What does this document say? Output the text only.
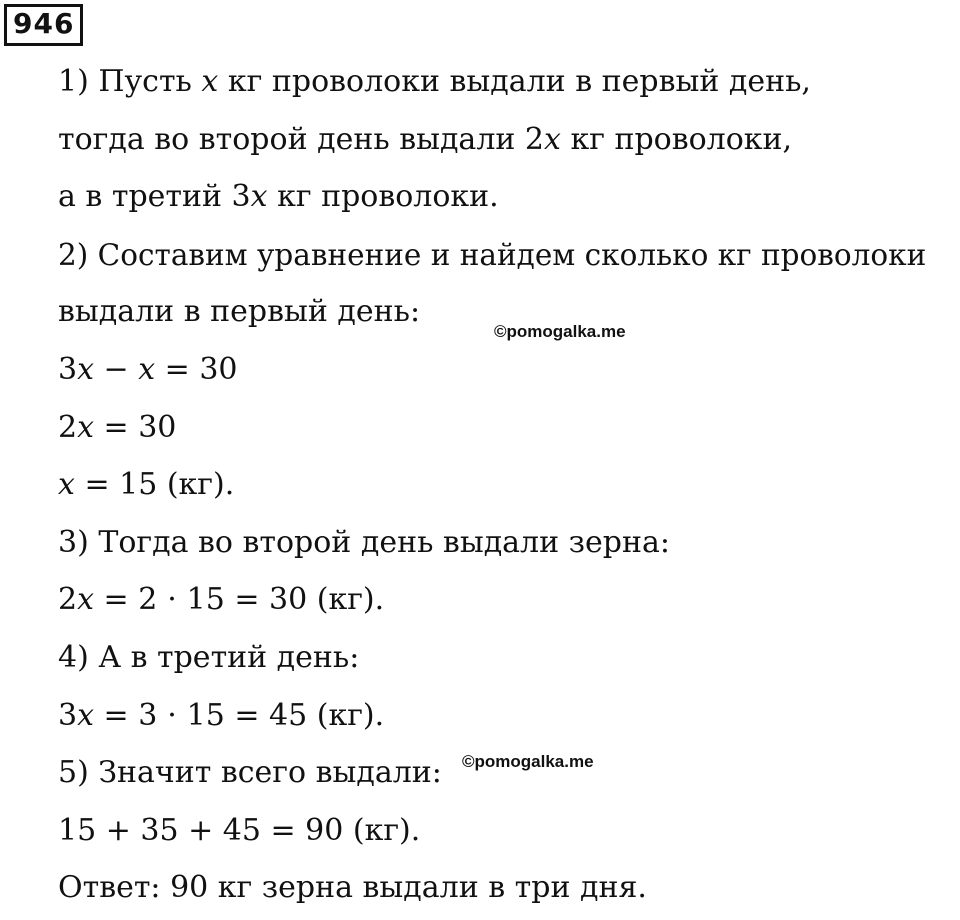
946
1) Пусть 𝑥 кг проволоки выдали в первый день,
тогда во второй день выдали 2𝑥 кг проволоки,
а в третий 3𝑥 кг проволоки.
2) Составим уравнение и найдем сколько кг проволоки
выдали в первый день:
3𝑥 − 𝑥 = 30
2𝑥 = 30
𝑥 = 15 (кг).
3) Тогда во второй день выдали зерна:
2𝑥 = 2 ⋅ 15 = 30 (кг).
4) А в третий день:
3𝑥 = 3 ⋅ 15 = 45 (кг).
5) Значит всего выдали:
15 + 35 + 45 = 90 (кг).
Ответ: 90 кг зерна выдали в три дня.
©pomogalka.me
©pomogalka.me
